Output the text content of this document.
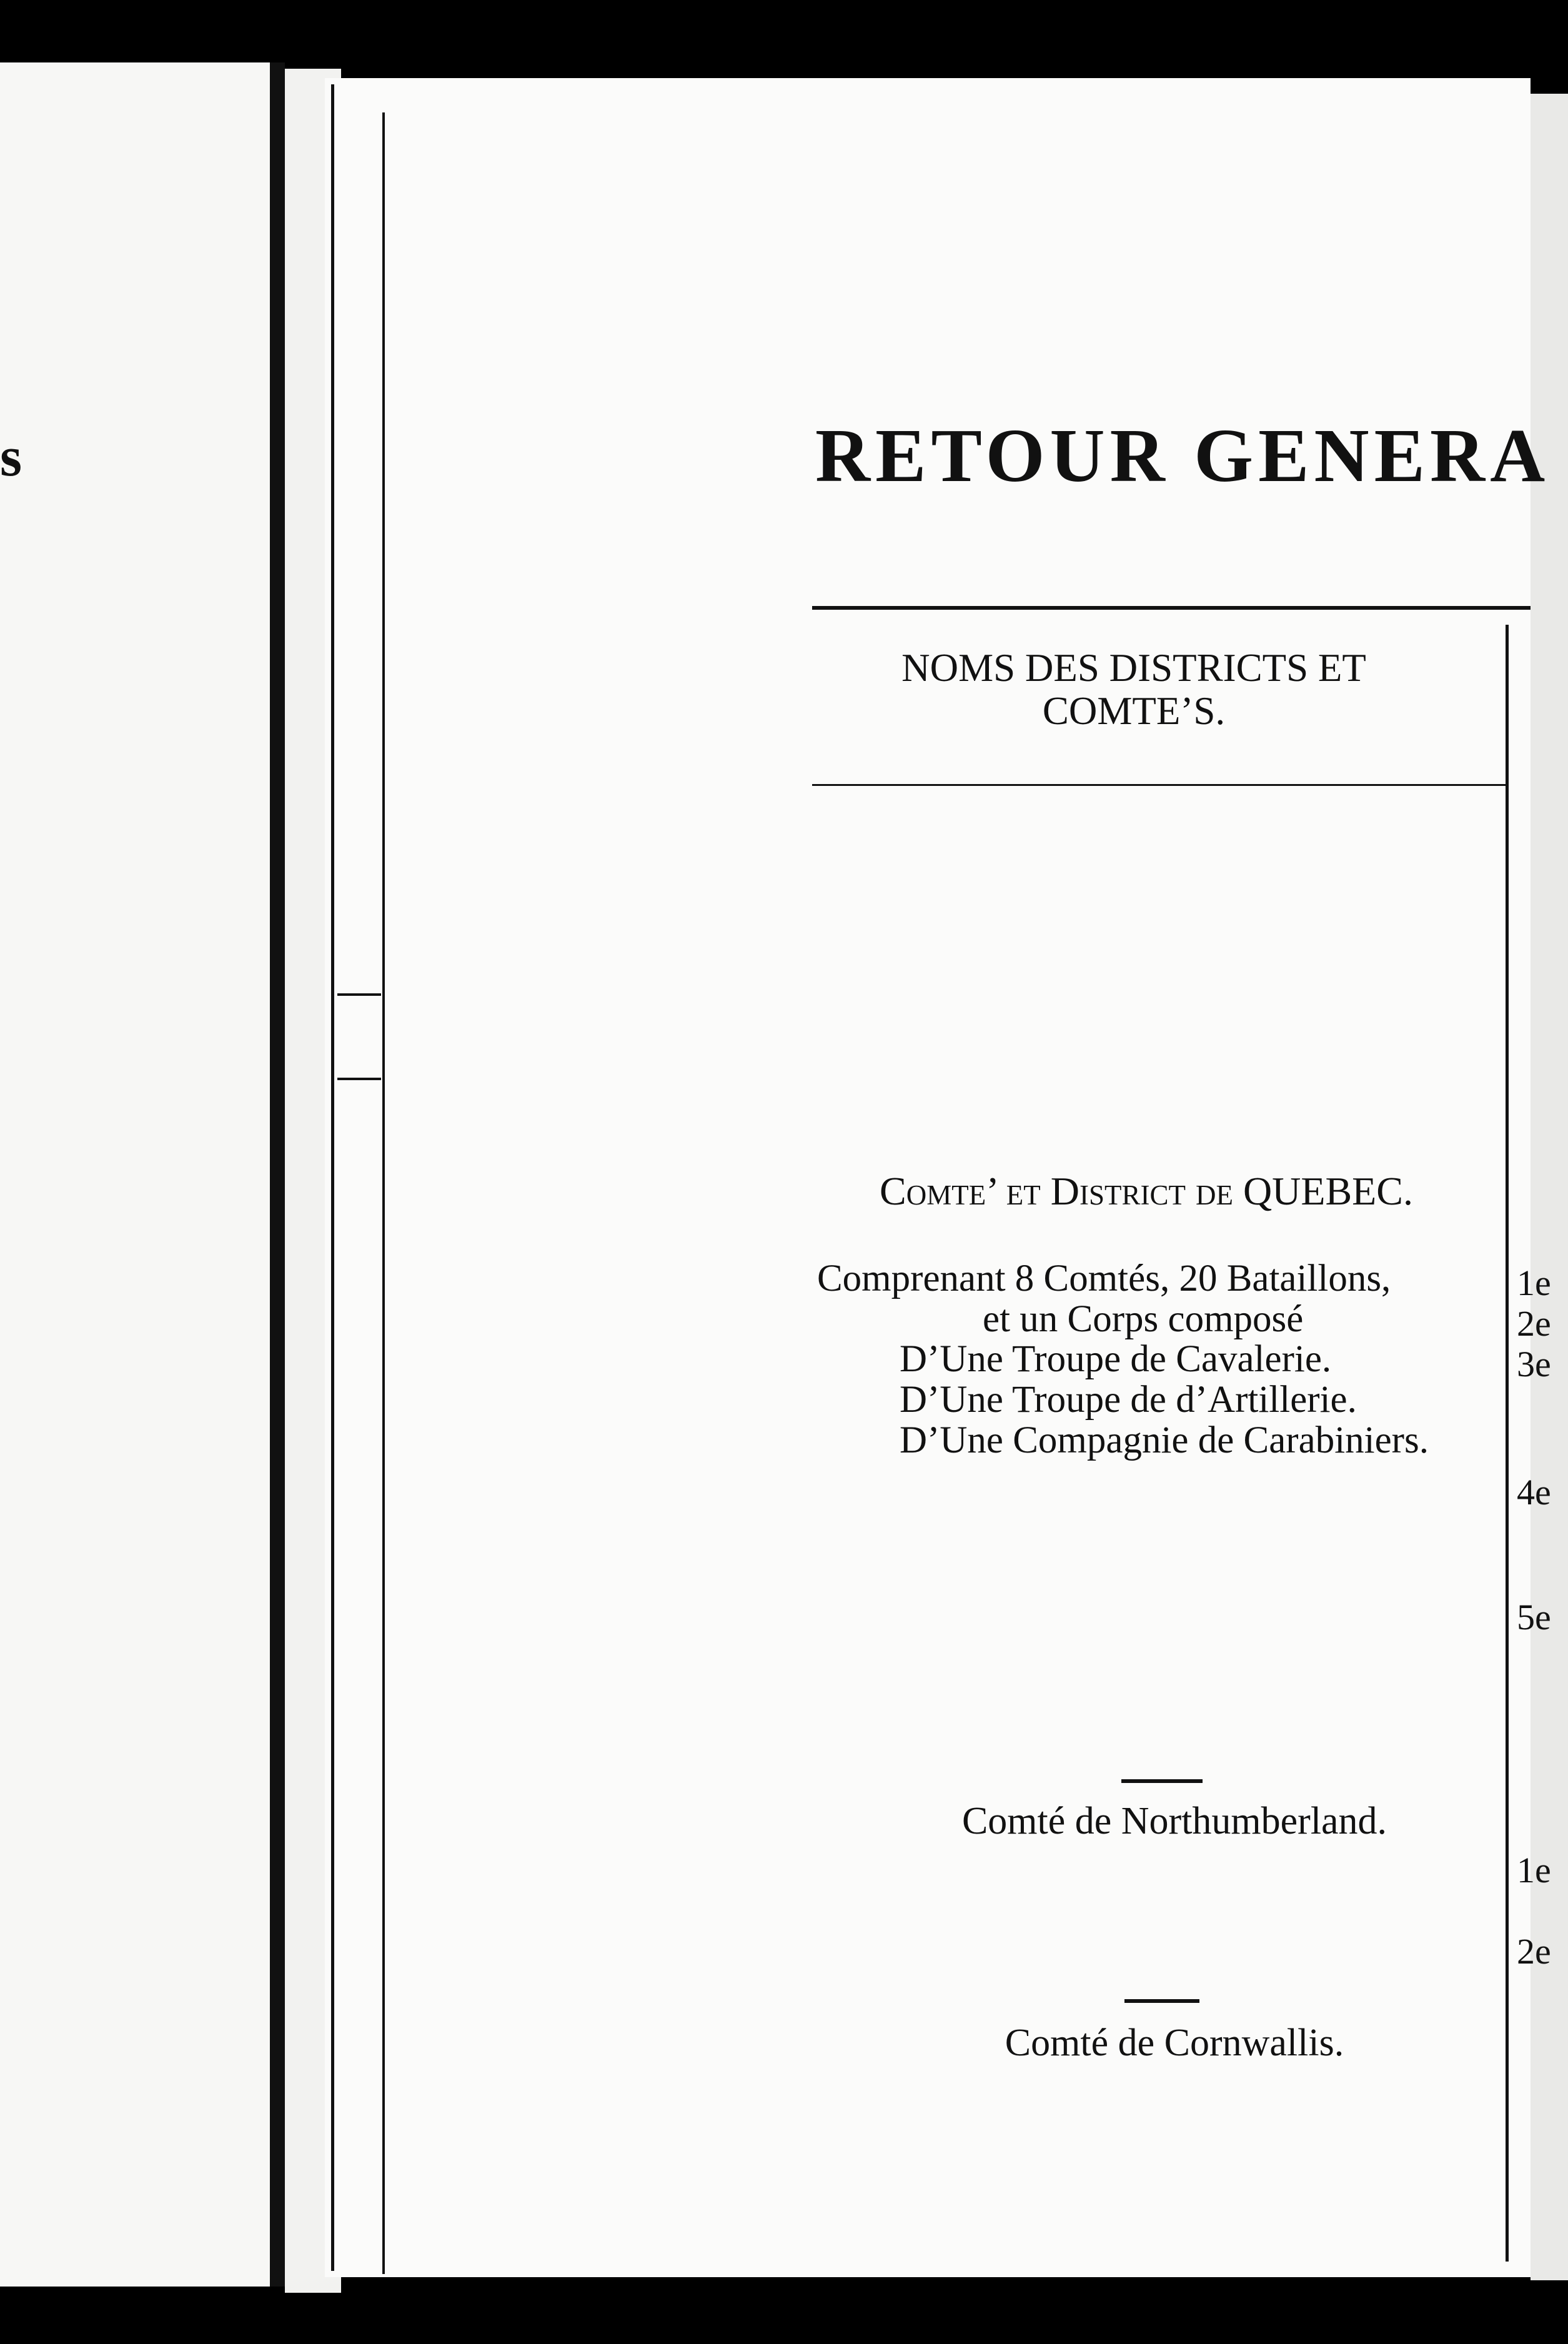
s	RETOUR GENERA
NOMS DES DISTRICTS ET
COMTE’S.
Comte’ et District de QUEBEC.
Comprenant 8 Comtés, 20 Bataillons,
et un Corps composé
D’Une Troupe de Cavalerie.
D’Une Troupe de d’Artillerie.
D’Une Compagnie de Carabiniers.
Comté de Northumberland.
Comté de Cornwallis.
1e
2e
3e
4e
5e
1e
2e
